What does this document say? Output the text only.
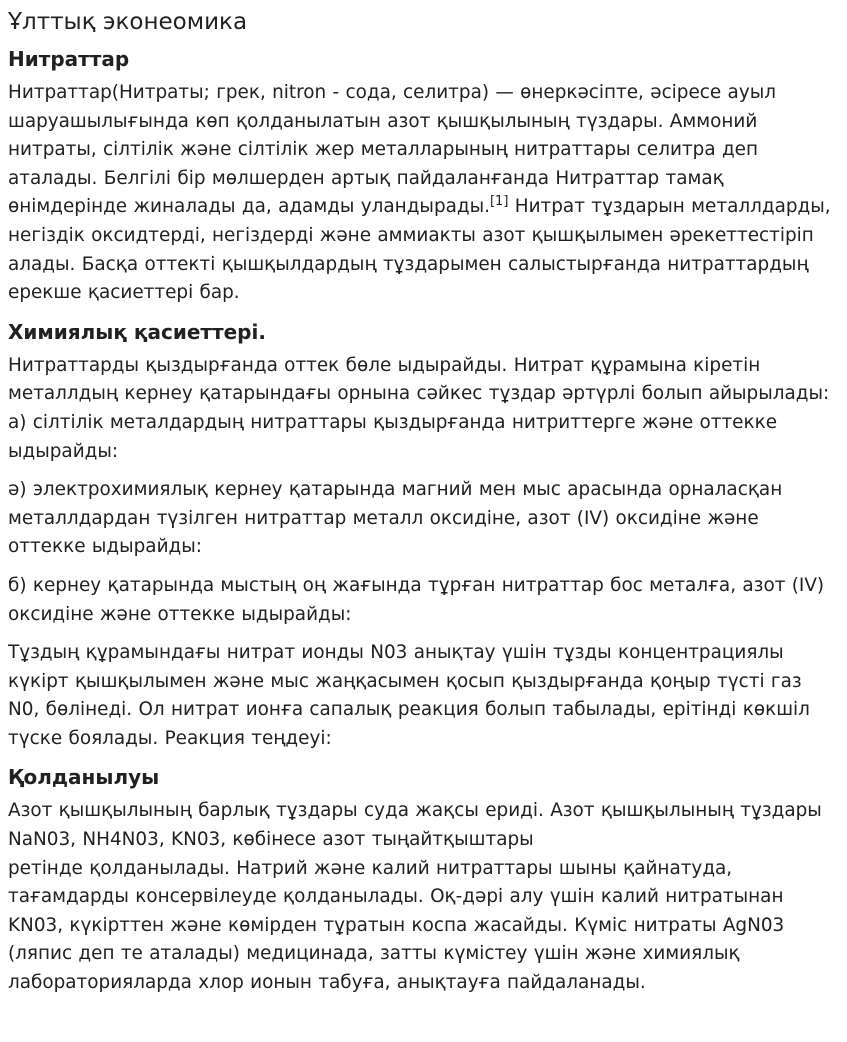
Ұлттық эконеомика
Нитраттар

Нитраттар(Нитраты; грек, nitron - сода, селитра) — өнеркәсіпте, әсіресе ауыл шаруашылығында көп қолданылатын азот қышқылының түздары. Аммоний нитраты, сілтілік және сілтілік жер металларының нитраттары селитра деп аталады. Белгілі бір мөлшерден артық пайдаланғанда Нитраттар тамақ өнімдерінде жиналады да, адамды уландырады.[1] Нитрат тұздарын металлдарды, негіздік оксидтерді, негіздерді және аммиакты азот қышқылымен әрекеттестіріп алады. Басқа оттекті қышқылдардың тұздарымен салыстырғанда нитраттардың ерекше қасиеттері бар.

Химиялық қасиеттері.

Нитраттарды қыздырғанда оттек бөле ыдырайды. Нитрат құрамына кіретін металлдың кернеу қатарындағы орнына сәйкес тұздар әртүрлі болып айырылады: а) сілтілік металдардың нитраттары қыздырғанда нитриттерге және оттекке ыдырайды:

ә) электрохимиялық кернеу қатарында магний мен мыс арасында орналасқан металлдардан түзілген нитраттар металл оксидіне, азот (IV) оксидіне және оттекке ыдырайды:

б) кернеу қатарында мыстың оң жағында тұрған нитраттар бос металға, азот (IV) оксидіне және оттекке ыдырайды:

Тұздың құрамындағы нитрат ионды N03 анықтау үшін тұзды концентрациялы күкірт қышқылымен және мыс жаңқасымен қосып қыздырғанда қоңыр түсті газ N0, бөлінеді. Ол нитрат ионға сапалық реакция болып табылады, ерітінді көкшіл түске боялады. Реакция теңдеуі:

Қолданылуы

Азот қышқылының барлық тұздары суда жақсы ериді. Азот қышқылының тұздары NaN03, NH4N03, KN03, көбінесе азот тыңайтқыштары
ретінде қолданылады. Натрий және калий нитраттары шыны қайнатуда, тағамдарды консервілеуде қолданылады. Оқ-дәрі алу үшін калий нитратынан KN03, күкірттен және көмірден тұратын коспа жасайды. Күміс нитраты AgN03 (ляпис деп те аталады) медицинада, затты күмістеу үшін және химиялық лабораторияларда хлор ионын табуға, анықтауға пайдаланады.
